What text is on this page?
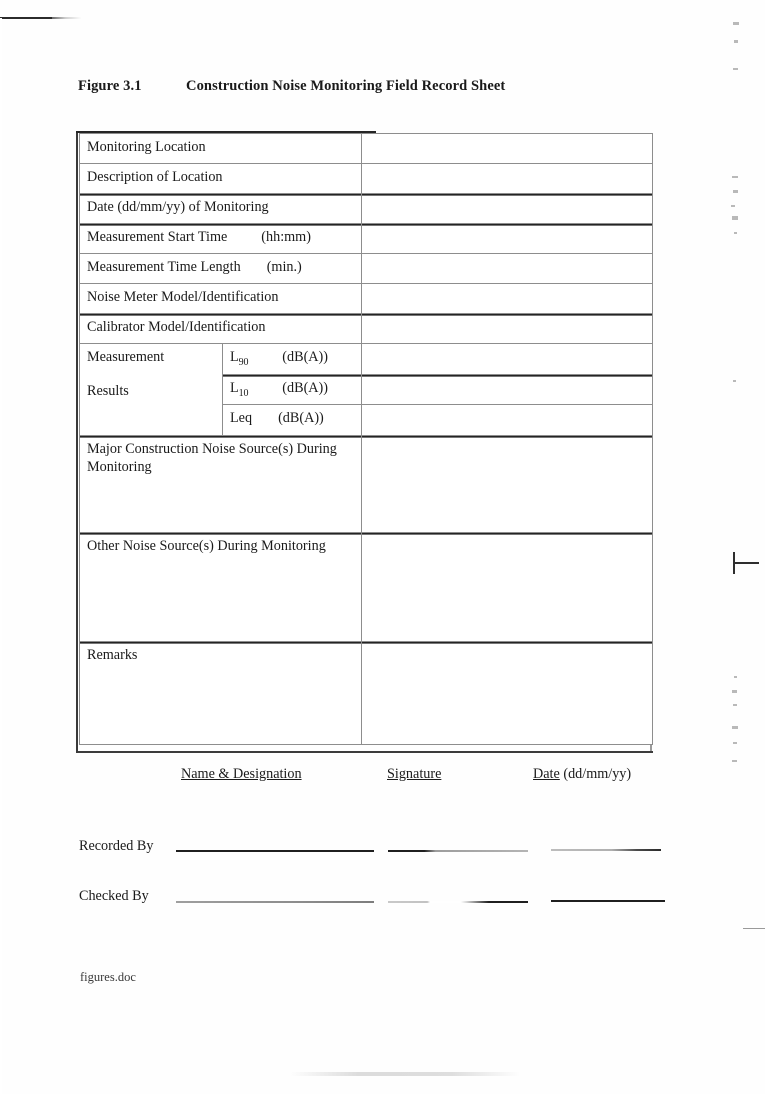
Figure 3.1	Construction Noise Monitoring Field Record Sheet
Monitoring Location		
Description of Location		
Date (dd/mm/yy) of Monitoring		
Measurement Start Time (hh:mm)		
Measurement Time Length (min.)		
Noise Meter Model/Identification		
Calibrator Model/Identification		
Measurement
Results	$L_{90}$ (dB(A))	
	$L_{10}$ (dB(A))	
	Leq (dB(A))	
Major Construction Noise Source(s) During Monitoring		
Other Noise Source(s) During Monitoring		
Remarks		
Name & Designation	Signature	Date (dd/mm/yy)
Recorded By
Checked By
figures.doc
